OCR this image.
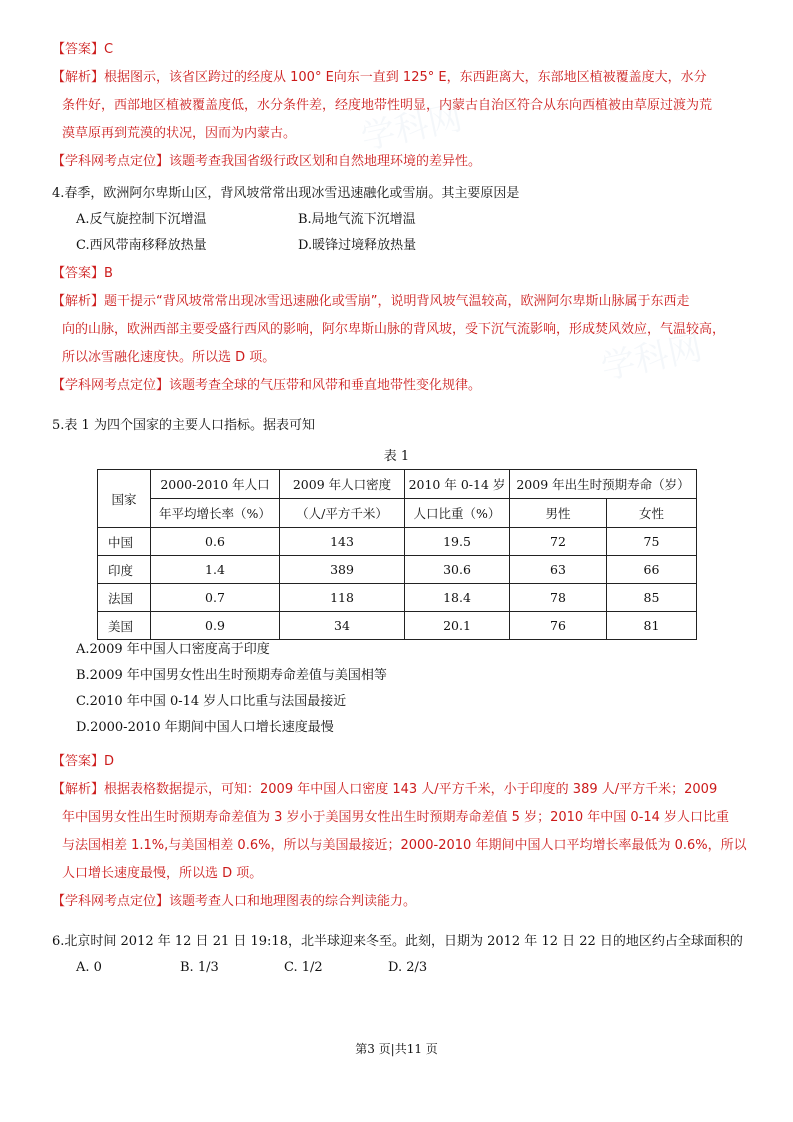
学科网
学科网
【答案】C
【解析】根据图示，该省区跨过的经度从 100° E向东一直到 125° E，东西距离大，东部地区植被覆盖度大，水分
条件好，西部地区植被覆盖度低，水分条件差，经度地带性明显，内蒙古自治区符合从东向西植被由草原过渡为荒
漠草原再到荒漠的状况，因而为内蒙古。
【学科网考点定位】该题考查我国省级行政区划和自然地理环境的差异性。
4.春季，欧洲阿尔卑斯山区，背风坡常常出现冰雪迅速融化或雪崩。其主要原因是
A.反气旋控制下沉增温	B.局地气流下沉增温
C.西风带南移释放热量	D.暖锋过境释放热量
【答案】B
【解析】题干提示“背风坡常常出现冰雪迅速融化或雪崩”，说明背风坡气温较高，欧洲阿尔卑斯山脉属于东西走
向的山脉，欧洲西部主要受盛行西风的影响，阿尔卑斯山脉的背风坡，受下沉气流影响，形成焚风效应，气温较高，
所以冰雪融化速度快。所以选 D 项。
【学科网考点定位】该题考查全球的气压带和风带和垂直地带性变化规律。
5.表 1 为四个国家的主要人口指标。据表可知
表 1
国家	2000-2010 年人口	2009 年人口密度	2010 年 0-14 岁	2009 年出生时预期寿命（岁）	
	年平均增长率（%）	（人/平方千米）	人口比重（%）	男性	女性
中国	0.6	143	19.5	72	75
印度	1.4	389	30.6	63	66
法国	0.7	118	18.4	78	85
美国	0.9	34	20.1	76	81
A.2009 年中国人口密度高于印度
B.2009 年中国男女性出生时预期寿命差值与美国相等
C.2010 年中国 0-14 岁人口比重与法国最接近
D.2000-2010 年期间中国人口增长速度最慢
【答案】D
【解析】根据表格数据提示，可知：2009 年中国人口密度 143 人/平方千米，小于印度的 389 人/平方千米；2009
年中国男女性出生时预期寿命差值为 3 岁小于美国男女性出生时预期寿命差值 5 岁；2010 年中国 0-14 岁人口比重
与法国相差 1.1%,与美国相差 0.6%，所以与美国最接近；2000-2010 年期间中国人口平均增长率最低为 0.6%，所以
人口增长速度最慢，所以选 D 项。
【学科网考点定位】该题考查人口和地理图表的综合判读能力。
6.北京时间 2012 年 12 日 21 日 19:18，北半球迎来冬至。此刻，日期为 2012 年 12 日 22 日的地区约占全球面积的
A. 0	B. 1/3	C. 1/2	D. 2/3
第3 页|共11 页
